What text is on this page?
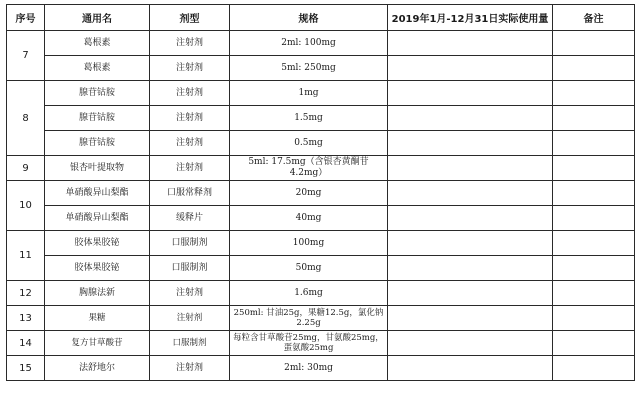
序号	通用名	剂型	规格	2019年1月-12月31日实际使用量	备注
7	葛根素	注射剂	2ml: 100mg		
	葛根素	注射剂	5ml: 250mg		
8	腺苷钴胺	注射剂	1mg		
	腺苷钴胺	注射剂	1.5mg		
	腺苷钴胺	注射剂	0.5mg		
9	银杏叶提取物	注射剂	5ml: 17.5mg（含银杏黄酮苷4.2mg）		
10	单硝酸异山梨酯	口服常释剂	20mg		
	单硝酸异山梨酯	缓释片	40mg		
11	胶体果胶铋	口服制剂	100mg		
	胶体果胶铋	口服制剂	50mg		
12	胸腺法新	注射剂	1.6mg		
13	果糖	注射剂	250ml: 甘油25g，果糖12.5g，氯化钠2.25g		
14	复方甘草酸苷	口服制剂	每粒含甘草酸苷25mg，甘氨酸25mg，蛋氨酸25mg		
15	法舒地尔	注射剂	2ml: 30mg		
